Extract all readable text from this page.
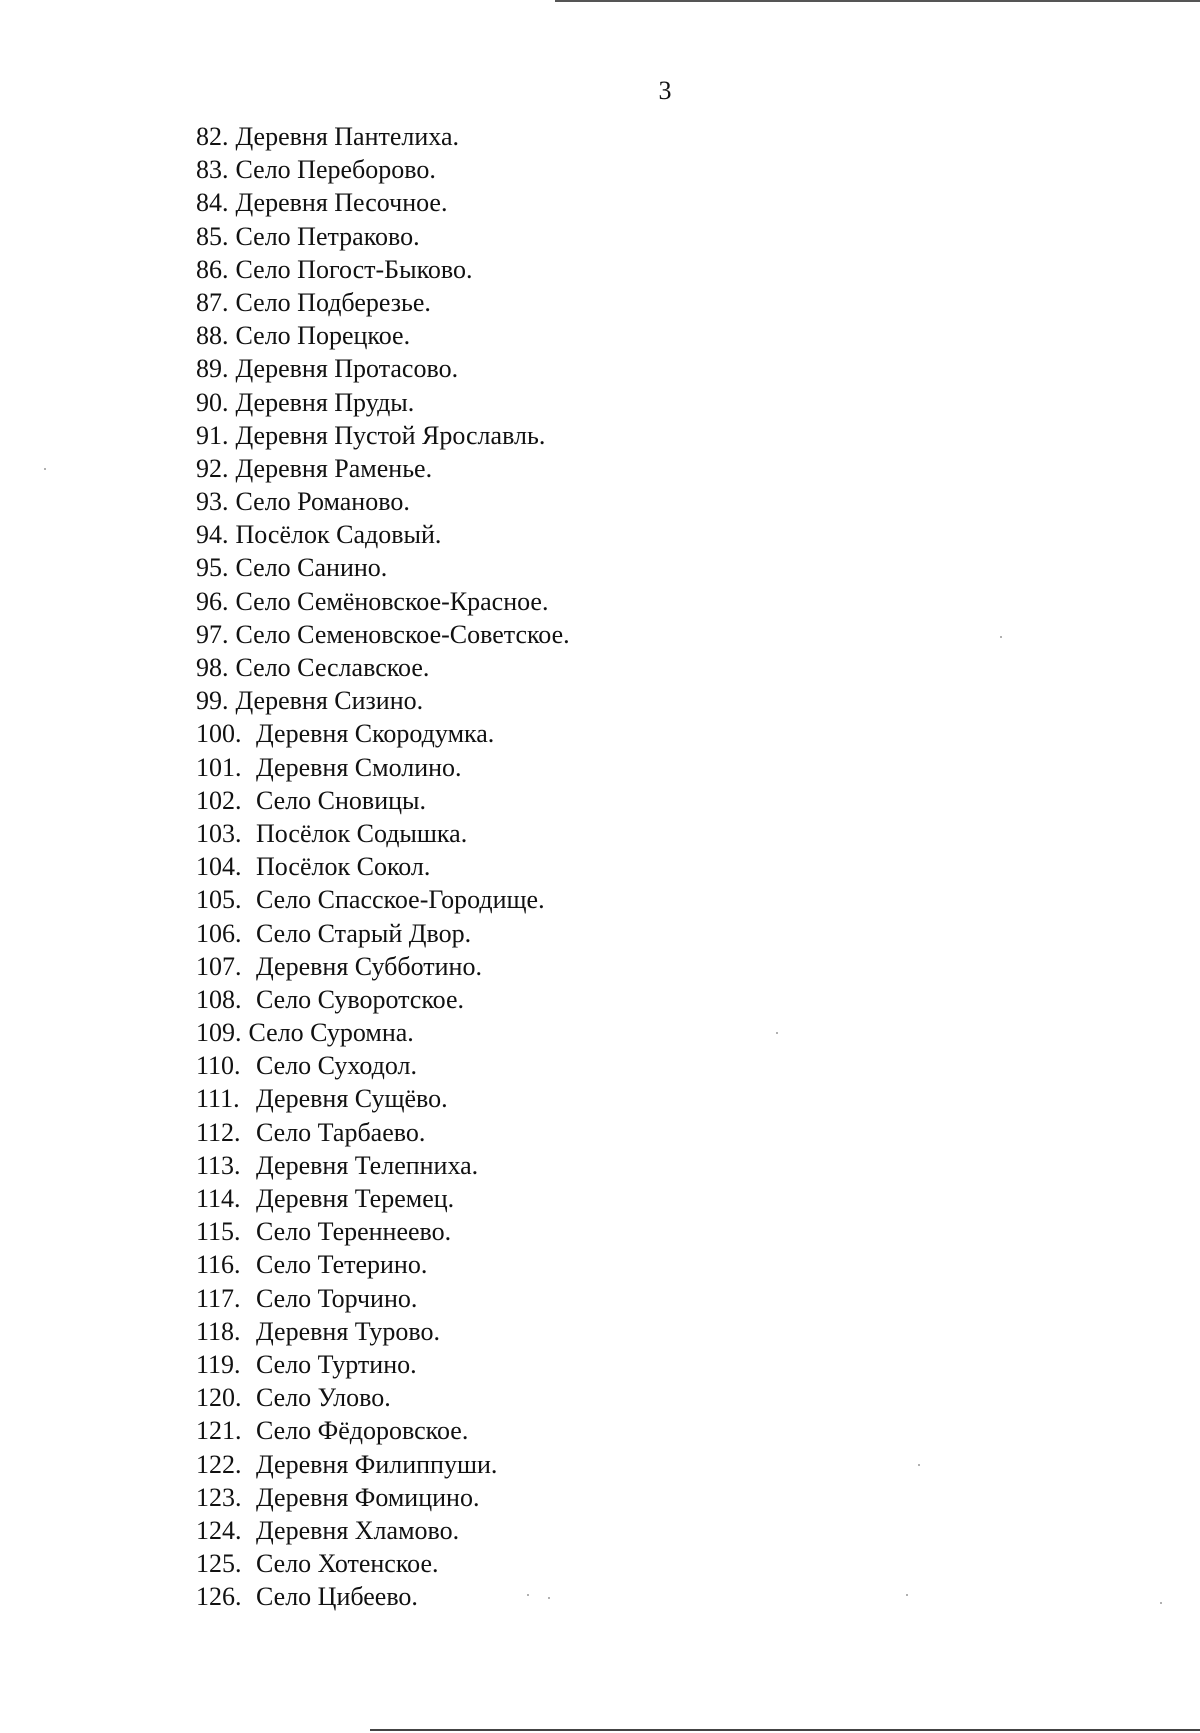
3
82. Деревня Пантелиха.
83. Село Переборово.
84. Деревня Песочное.
85. Село Петраково.
86. Село Погост-Быково.
87. Село Подберезье.
88. Село Порецкое.
89. Деревня Протасово.
90. Деревня Пруды.
91. Деревня Пустой Ярославль.
92. Деревня Раменье.
93. Село Романово.
94. Посёлок Садовый.
95. Село Санино.
96. Село Семёновское-Красное.
97. Село Семеновское-Советское.
98. Село Сеславское.
99. Деревня Сизино.
100. Деревня Скородумка.
101. Деревня Смолино.
102. Село Сновицы.
103. Посёлок Содышка.
104. Посёлок Сокол.
105. Село Спасское-Городище.
106. Село Старый Двор.
107. Деревня Субботино.
108. Село Суворотское.
109. Село Суромна.
110. Село Суходол.
111. Деревня Сущёво.
112. Село Тарбаево.
113. Деревня Телепниха.
114. Деревня Теремец.
115. Село Тереннеево.
116. Село Тетерино.
117. Село Торчино.
118. Деревня Турово.
119. Село Туртино.
120. Село Улово.
121. Село Фёдоровское.
122. Деревня Филиппуши.
123. Деревня Фомицино.
124. Деревня Хламово.
125. Село Хотенское.
126. Село Цибеево.
